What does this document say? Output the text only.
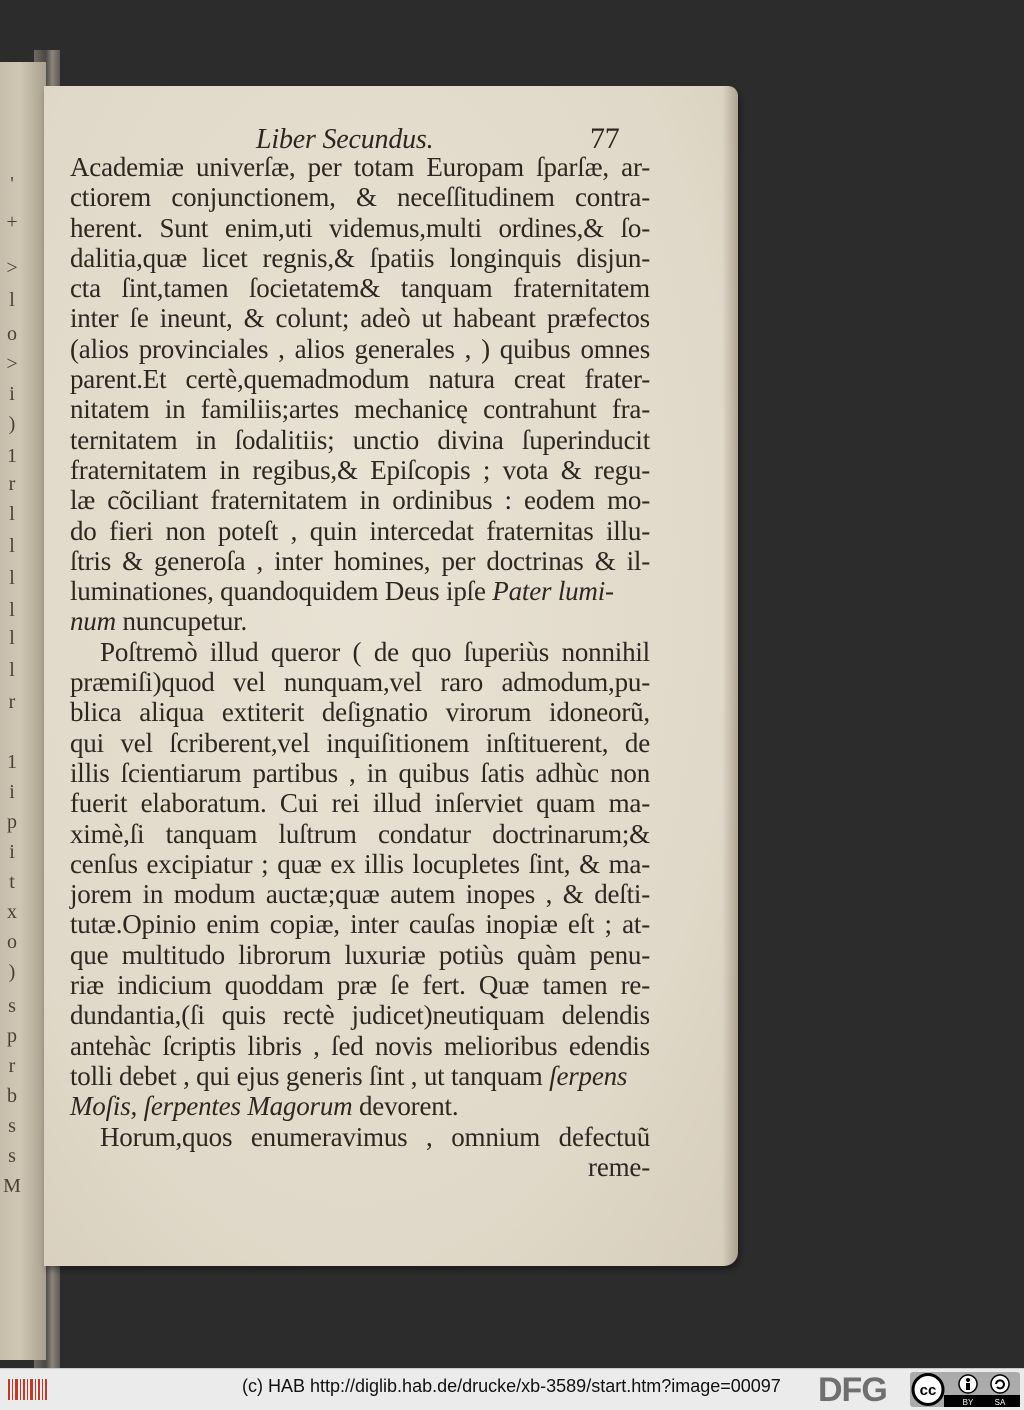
'
+
>
l
o
>
i
)
1
r
l
l
l
l
l
l
r
1
i
p
i
t
x
o
)
s
p
r
b
s
s
M
Liber Secundus.	77
Academiæ univerſæ, per totam Europam ſparſæ, ar-
ctiorem conjunctionem, & neceſſitudinem contra-
herent. Sunt enim,uti videmus,multi ordines,& ſo-
dalitia,quæ licet regnis,& ſpatiis longinquis disjun-
cta ſint,tamen ſocietatem& tanquam fraternitatem
inter ſe ineunt, & colunt; adeò ut habeant præfectos
(alios provinciales , alios generales , ) quibus omnes
parent.Et certè,quemadmodum natura creat frater-
nitatem in familiis;artes mechanicę contrahunt fra-
ternitatem in ſodalitiis; unctio divina ſuperinducit
fraternitatem in regibus,& Epiſcopis ; vota & regu-
læ cõciliant fraternitatem in ordinibus : eodem mo-
do fieri non poteſt , quin intercedat fraternitas illu-
ſtris & generoſa , inter homines, per doctrinas & il-
luminationes, quandoquidem Deus ipſe Pater lumi-
num nuncupetur.
Poſtremò illud queror ( de quo ſuperiùs nonnihil
præmiſi)quod vel nunquam,vel raro admodum,pu-
blica aliqua extiterit deſignatio virorum idoneorũ,
qui vel ſcriberent,vel inquiſitionem inſtituerent, de
illis ſcientiarum partibus , in quibus ſatis adhùc non
fuerit elaboratum. Cui rei illud inſerviet quam ma-
ximè,ſi tanquam luſtrum condatur doctrinarum;&
cenſus excipiatur ; quæ ex illis locupletes ſint, & ma-
jorem in modum auctæ;quæ autem inopes , & deſti-
tutæ.Opinio enim copiæ, inter cauſas inopiæ eſt ; at-
que multitudo librorum luxuriæ potiùs quàm penu-
riæ indicium quoddam præ ſe fert. Quæ tamen re-
dundantia,(ſi quis rectè judicet)neutiquam delendis
antehàc ſcriptis libris , ſed novis melioribus edendis
tolli debet , qui ejus generis ſint , ut tanquam ſerpens
Moſis, ſerpentes Magorum devorent.
Horum,quos enumeravimus , omnium defectuũ
reme-
(c) HAB http://diglib.hab.de/drucke/xb-3589/start.htm?image=00097 DFG cc
BY	SA
